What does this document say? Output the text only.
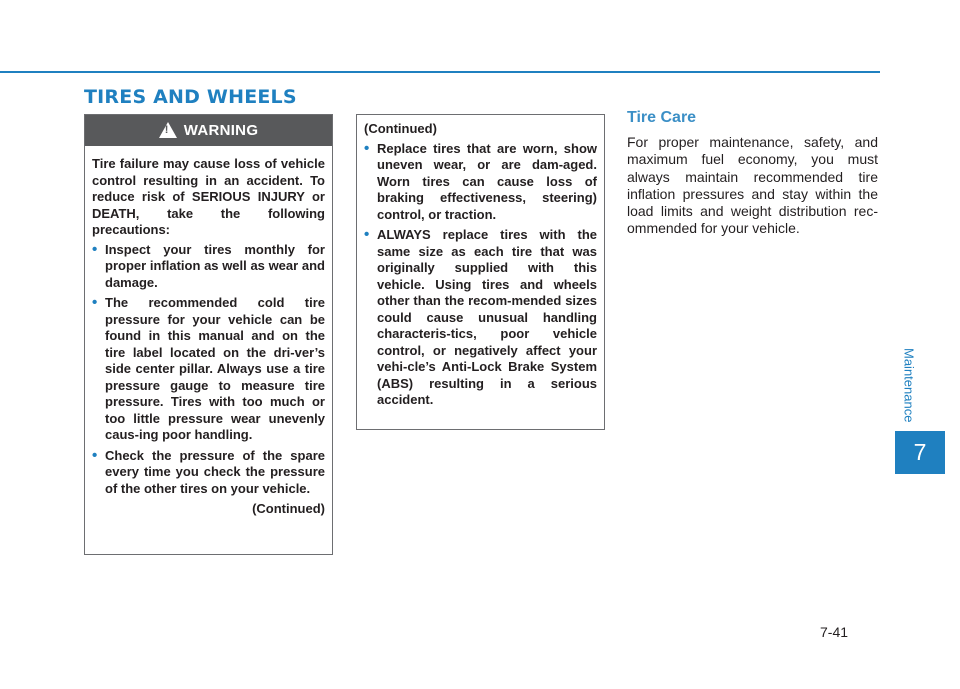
TIRES AND WHEELS
!
WARNING

Tire failure may cause loss of vehicle control resulting in an accident. To reduce risk of SERIOUS INJURY or DEATH, take the following precautions:

• Inspect your tires monthly for proper inflation as well as wear and damage.
• The recommended cold tire pressure for your vehicle can be found in this manual and on the tire label located on the dri-ver’s side center pillar. Always use a tire pressure gauge to measure tire pressure. Tires with too much or too little pressure wear unevenly caus-ing poor handling.
• Check the pressure of the spare every time you check the pressure of the other tires on your vehicle.

(Continued)

(Continued)

• Replace tires that are worn, show uneven wear, or are dam-aged. Worn tires can cause loss of braking effectiveness, steering) control, or traction.
• ALWAYS replace tires with the same size as each tire that was originally supplied with this vehicle. Using tires and wheels other than the recom-mended sizes could cause unusual handling characteris-tics, poor vehicle control, or negatively affect your vehi-cle’s Anti-Lock Brake System (ABS) resulting in a serious accident.
Tire Care

For proper maintenance, safety, and maximum fuel economy, you must always maintain recommended tire inflation pressures and stay within the load limits and weight distribution rec-ommended for your vehicle.

Maintenance
7
7-41
